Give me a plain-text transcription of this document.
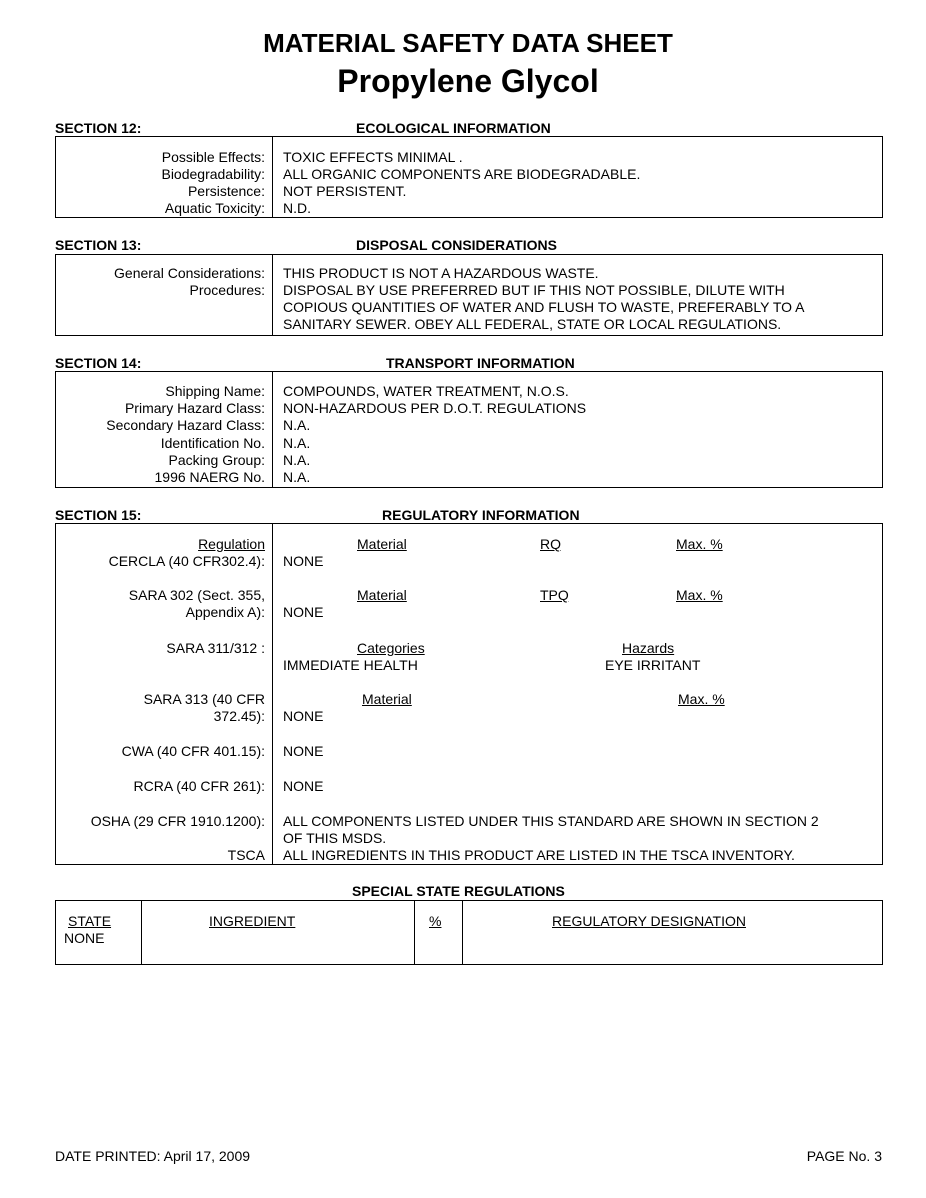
MATERIAL SAFETY DATA SHEET
Propylene Glycol
SECTION 12:	ECOLOGICAL INFORMATION
Possible Effects: TOXIC EFFECTS MINIMAL .
Biodegradability: ALL ORGANIC COMPONENTS ARE BIODEGRADABLE.
Persistence: NOT PERSISTENT.
Aquatic Toxicity: N.D.
SECTION 13:	DISPOSAL CONSIDERATIONS
General Considerations: THIS PRODUCT IS NOT A HAZARDOUS WASTE.
Procedures: DISPOSAL BY USE PREFERRED BUT IF THIS NOT POSSIBLE, DILUTE WITH
COPIOUS QUANTITIES OF WATER AND FLUSH TO WASTE, PREFERABLY TO A
SANITARY SEWER. OBEY ALL FEDERAL, STATE OR LOCAL REGULATIONS.
SECTION 14:	TRANSPORT INFORMATION
Shipping Name: COMPOUNDS, WATER TREATMENT, N.O.S.
Primary Hazard Class: NON-HAZARDOUS PER D.O.T. REGULATIONS
Secondary Hazard Class: N.A.
Identification No. N.A.
Packing Group: N.A.
1996 NAERG No. N.A.
SECTION 15:	REGULATORY INFORMATION
Regulation	Material	RQ	Max. %
CERCLA (40 CFR302.4): NONE
SARA 302 (Sect. 355,
Appendix A):
Material	TPQ	Max. %
NONE
SARA 311/312 :	Categories	Hazards
IMMEDIATE HEALTH	EYE IRRITANT
SARA 313 (40 CFR
372.45):
Material	Max. %
NONE
CWA (40 CFR 401.15): NONE
RCRA (40 CFR 261): NONE
OSHA (29 CFR 1910.1200): ALL COMPONENTS LISTED UNDER THIS STANDARD ARE SHOWN IN SECTION 2
OF THIS MSDS.
TSCA ALL INGREDIENTS IN THIS PRODUCT ARE LISTED IN THE TSCA INVENTORY.
SPECIAL STATE REGULATIONS
STATE	INGREDIENT	%	REGULATORY DESIGNATION
NONE
DATE PRINTED: April 17, 2009	PAGE No. 3
